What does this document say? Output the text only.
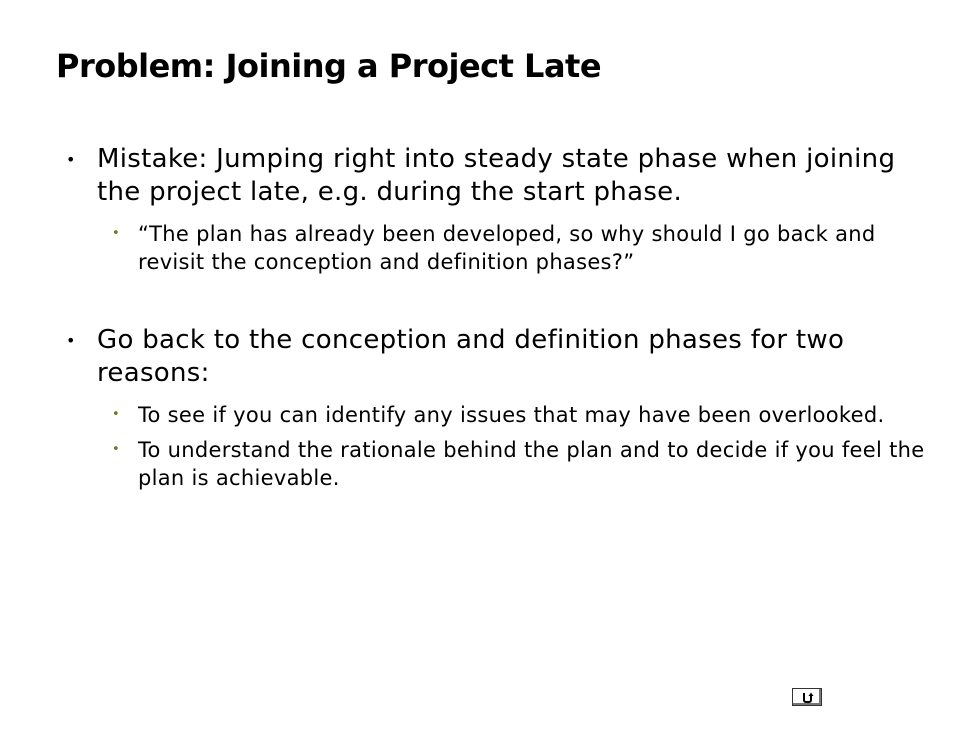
Problem: Joining a Project Late
• Mistake: Jumping right into steady state phase when joining the project late, e.g. during the start phase.
• “The plan has already been developed, so why should I go back and revisit the conception and definition phases?”
• Go back to the conception and definition phases for two reasons:
• To see if you can identify any issues that may have been overlooked.
• To understand the rationale behind the plan and to decide if you feel the plan is achievable.
